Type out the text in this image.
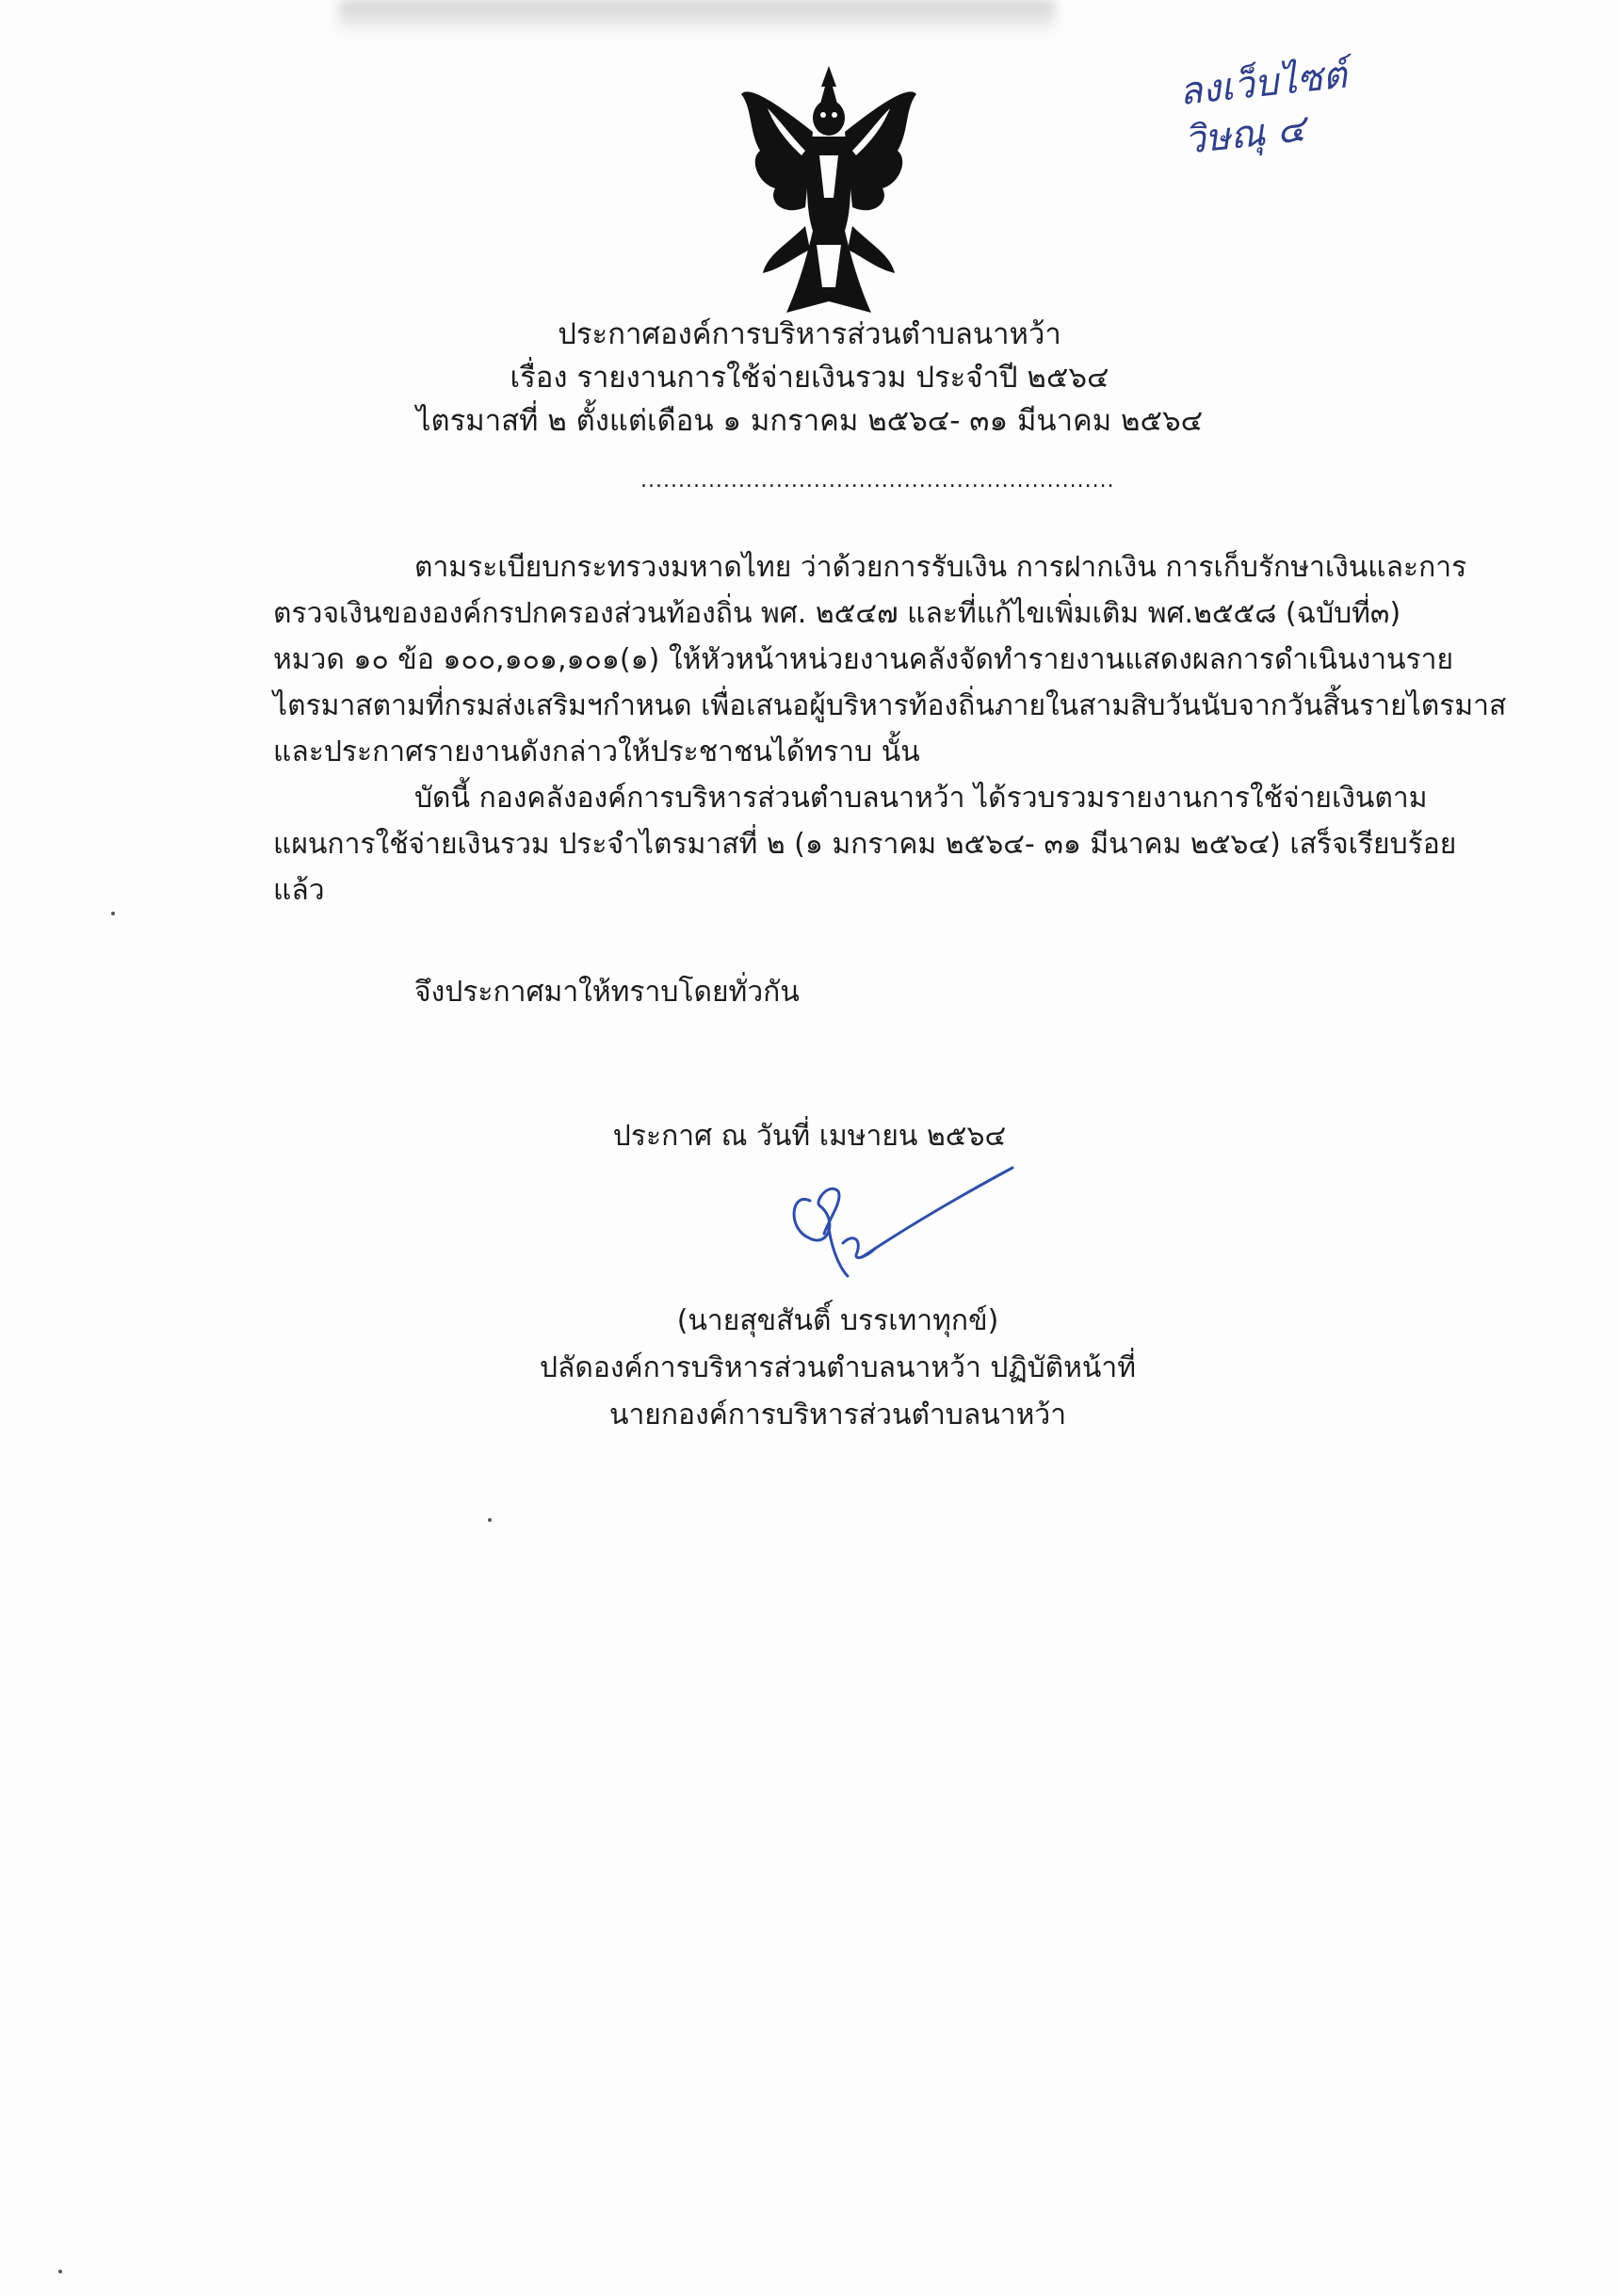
ลงเว็บไซต์
วิษณุ ๔
ประกาศองค์การบริหารส่วนตำบลนาหว้า
เรื่อง รายงานการใช้จ่ายเงินรวม ประจำปี ๒๕๖๔
ไตรมาสที่ ๒ ตั้งแต่เดือน ๑ มกราคม ๒๕๖๔- ๓๑ มีนาคม ๒๕๖๔
...............................................................

ตามระเบียบกระทรวงมหาดไทย ว่าด้วยการรับเงิน การฝากเงิน การเก็บรักษาเงินและการ
ตรวจเงินขององค์กรปกครองส่วนท้องถิ่น พศ. ๒๕๔๗ และที่แก้ไขเพิ่มเติม พศ.๒๕๕๘ (ฉบับที่๓)
หมวด ๑๐ ข้อ ๑๐๐,๑๐๑,๑๐๑(๑) ให้หัวหน้าหน่วยงานคลังจัดทำรายงานแสดงผลการดำเนินงานราย
ไตรมาสตามที่กรมส่งเสริมฯกำหนด เพื่อเสนอผู้บริหารท้องถิ่นภายในสามสิบวันนับจากวันสิ้นรายไตรมาส
และประกาศรายงานดังกล่าวให้ประชาชนได้ทราบ นั้น

บัดนี้ กองคลังองค์การบริหารส่วนตำบลนาหว้า ได้รวบรวมรายงานการใช้จ่ายเงินตาม
แผนการใช้จ่ายเงินรวม ประจำไตรมาสที่ ๒ (๑ มกราคม ๒๕๖๔- ๓๑ มีนาคม ๒๕๖๔) เสร็จเรียบร้อย
แล้ว

จึงประกาศมาให้ทราบโดยทั่วกัน
ประกาศ ณ วันที่ เมษายน ๒๕๖๔
(นายสุขสันติ์ บรรเทาทุกข์)
ปลัดองค์การบริหารส่วนตำบลนาหว้า ปฏิบัติหน้าที่
นายกองค์การบริหารส่วนตำบลนาหว้า
